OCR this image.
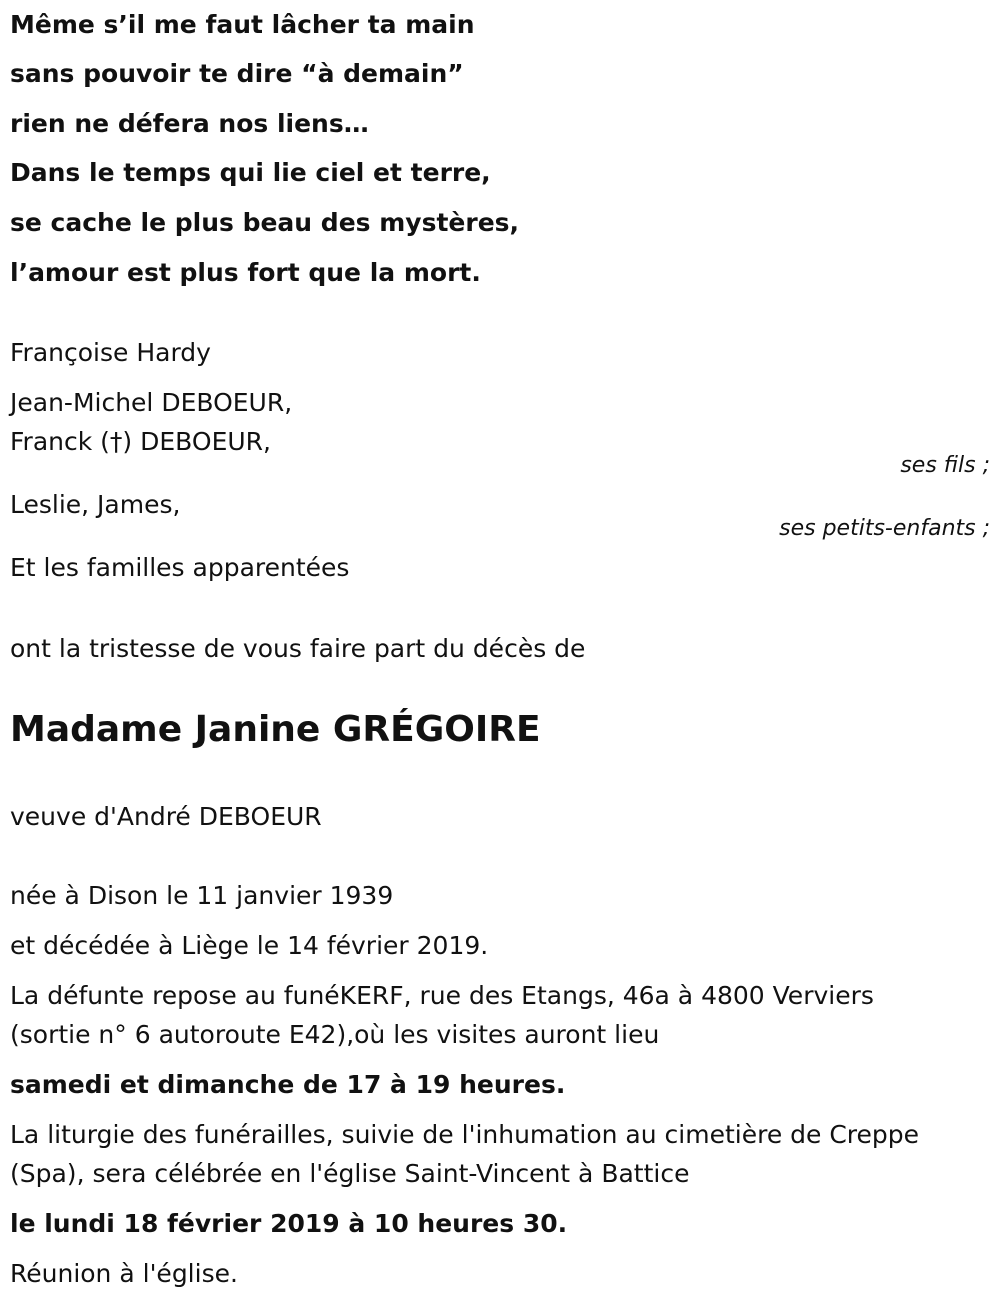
Même s’il me faut lâcher ta main
sans pouvoir te dire “à demain”
rien ne défera nos liens…
Dans le temps qui lie ciel et terre,
se cache le plus beau des mystères,
l’amour est plus fort que la mort.
Françoise Hardy
Jean-Michel DEBOEUR,
Franck (†) DEBOEUR,
ses fils ;
Leslie, James,
ses petits-enfants ;
Et les familles apparentées
ont la tristesse de vous faire part du décès de
Madame Janine GRÉGOIRE
veuve d'André DEBOEUR
née à Dison le 11 janvier 1939
et décédée à Liège le 14 février 2019.
La défunte repose au funéKERF, rue des Etangs, 46a à 4800 Verviers
(sortie n° 6 autoroute E42),où les visites auront lieu
samedi et dimanche de 17 à 19 heures.
La liturgie des funérailles, suivie de l'inhumation au cimetière de Creppe
(Spa), sera célébrée en l'église Saint-Vincent à Battice
le lundi 18 février 2019 à 10 heures 30.
Réunion à l'église.
